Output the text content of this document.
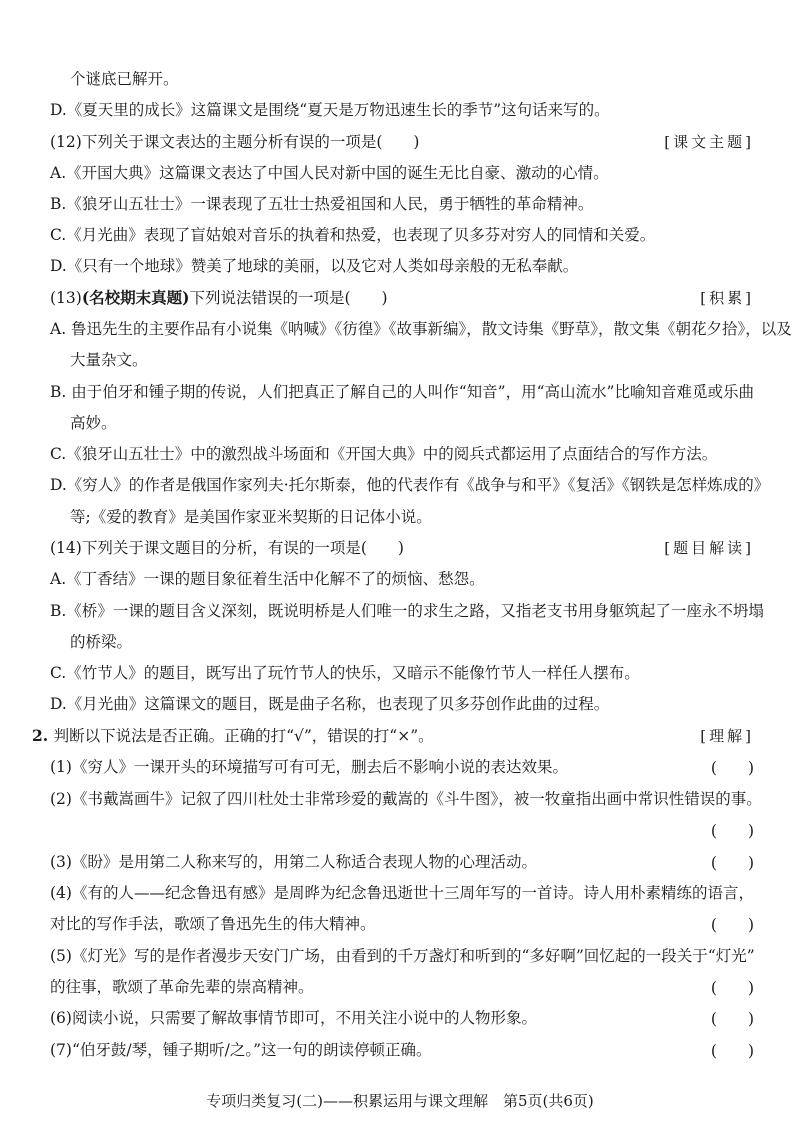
个谜底已解开。
D.《夏天里的成长》这篇课文是围绕“夏天是万物迅速生长的季节”这句话来写的。
(12)下列关于课文表达的主题分析有误的一项是(　　)
A.《开国大典》这篇课文表达了中国人民对新中国的诞生无比自豪、激动的心情。
B.《狼牙山五壮士》一课表现了五壮士热爱祖国和人民，勇于牺牲的革命精神。
C.《月光曲》表现了盲姑娘对音乐的执着和热爱，也表现了贝多芬对穷人的同情和关爱。
D.《只有一个地球》赞美了地球的美丽，以及它对人类如母亲般的无私奉献。
(13)(名校期末真题)下列说法错误的一项是(　　)
A. 鲁迅先生的主要作品有小说集《呐喊》《彷徨》《故事新编》，散文诗集《野草》，散文集《朝花夕拾》，以及
大量杂文。
B. 由于伯牙和锺子期的传说，人们把真正了解自己的人叫作“知音”，用“高山流水”比喻知音难觅或乐曲
高妙。
C.《狼牙山五壮士》中的激烈战斗场面和《开国大典》中的阅兵式都运用了点面结合的写作方法。
D.《穷人》的作者是俄国作家列夫·托尔斯泰，他的代表作有《战争与和平》《复活》《钢铁是怎样炼成的》
等;《爱的教育》是美国作家亚米契斯的日记体小说。
(14)下列关于课文题目的分析，有误的一项是(　　)
A.《丁香结》一课的题目象征着生活中化解不了的烦恼、愁怨。
B.《桥》一课的题目含义深刻，既说明桥是人们唯一的求生之路，又指老支书用身躯筑起了一座永不坍塌
的桥梁。
C.《竹节人》的题目，既写出了玩竹节人的快乐，又暗示不能像竹节人一样任人摆布。
D.《月光曲》这篇课文的题目，既是曲子名称，也表现了贝多芬创作此曲的过程。
2. 判断以下说法是否正确。正确的打“√”，错误的打“×”。
(1)《穷人》一课开头的环境描写可有可无，删去后不影响小说的表达效果。
(2)《书戴嵩画牛》记叙了四川杜处士非常珍爱的戴嵩的《斗牛图》，被一牧童指出画中常识性错误的事。
(3)《盼》是用第二人称来写的，用第二人称适合表现人物的心理活动。
(4)《有的人——纪念鲁迅有感》是周晔为纪念鲁迅逝世十三周年写的一首诗。诗人用朴素精练的语言，
对比的写作手法，歌颂了鲁迅先生的伟大精神。
(5)《灯光》写的是作者漫步天安门广场，由看到的千万盏灯和听到的“多好啊”回忆起的一段关于“灯光”
的往事，歌颂了革命先辈的崇高精神。
(6)阅读小说，只需要了解故事情节即可，不用关注小说中的人物形象。
(7)“伯牙鼓/琴，锺子期听/之。”这一句的朗读停顿正确。
[课文主题]
[积累]
[题目解读]
[理解]
(　　)
(　　)
(　　)
(　　)
(　　)
(　　)
(　　)
专项归类复习(二)——积累运用与课文理解　第5页(共6页)
